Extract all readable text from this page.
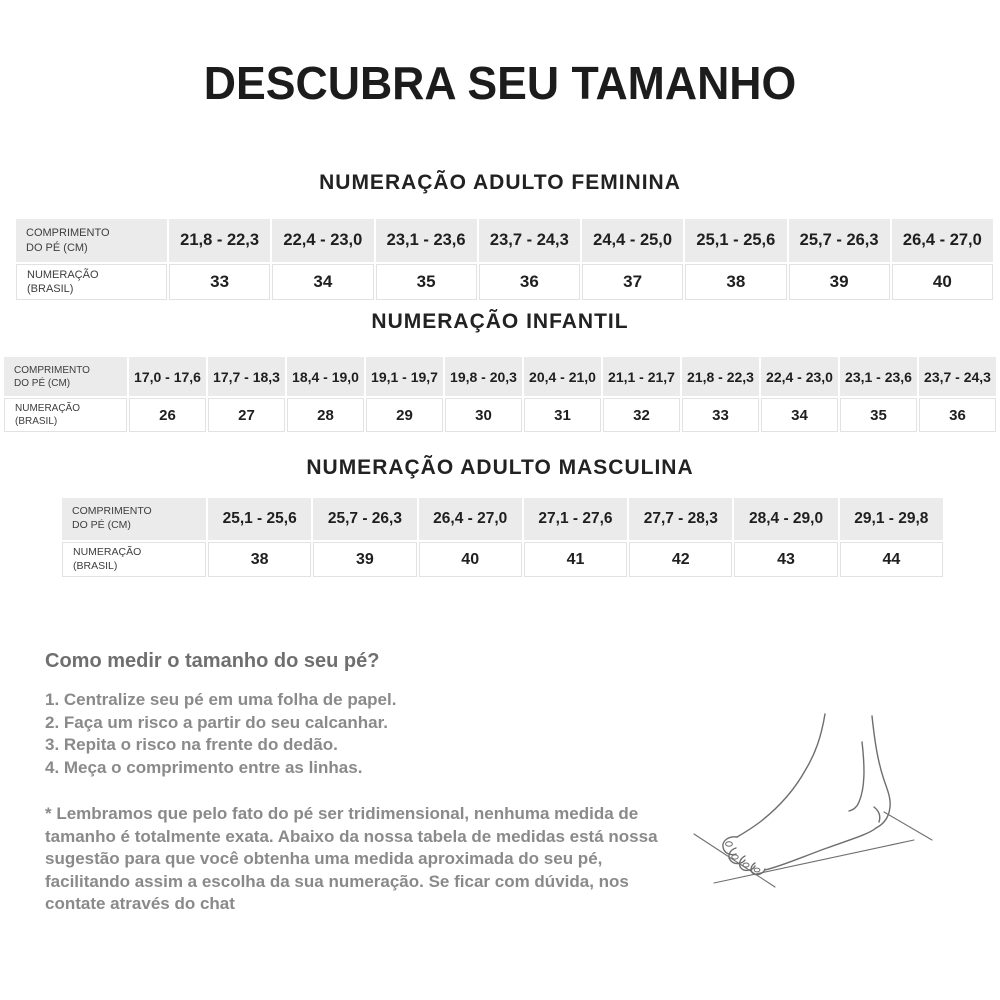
DESCUBRA SEU TAMANHO
NUMERAÇÃO ADULTO FEMININA
COMPRIMENTO
DO PÉ (CM)	21,8 - 22,3	22,4 - 23,0	23,1 - 23,6	23,7 - 24,3	24,4 - 25,0	25,1 - 25,6	25,7 - 26,3	26,4 - 27,0
NUMERAÇÃO
(BRASIL)	33	34	35	36	37	38	39	40
NUMERAÇÃO INFANTIL
COMPRIMENTO
DO PÉ (CM)	17,0 - 17,6	17,7 - 18,3	18,4 - 19,0	19,1 - 19,7	19,8 - 20,3	20,4 - 21,0	21,1 - 21,7	21,8 - 22,3	22,4 - 23,0	23,1 - 23,6	23,7 - 24,3
NUMERAÇÃO
(BRASIL)	26	27	28	29	30	31	32	33	34	35	36
NUMERAÇÃO ADULTO MASCULINA
COMPRIMENTO
DO PÉ (CM)	25,1 - 25,6	25,7 - 26,3	26,4 - 27,0	27,1 - 27,6	27,7 - 28,3	28,4 - 29,0	29,1 - 29,8
NUMERAÇÃO
(BRASIL)	38	39	40	41	42	43	44
Como medir o tamanho do seu pé?
1. Centralize seu pé em uma folha de papel.
2. Faça um risco a partir do seu calcanhar.
3. Repita o risco na frente do dedão.
4. Meça o comprimento entre as linhas.

* Lembramos que pelo fato do pé ser tridimensional, nenhuma medida de tamanho é totalmente exata. Abaixo da nossa tabela de medidas está nossa sugestão para que você obtenha uma medida aproximada do seu pé, facilitando assim a escolha da sua numeração. Se ficar com dúvida, nos contate através do chat
